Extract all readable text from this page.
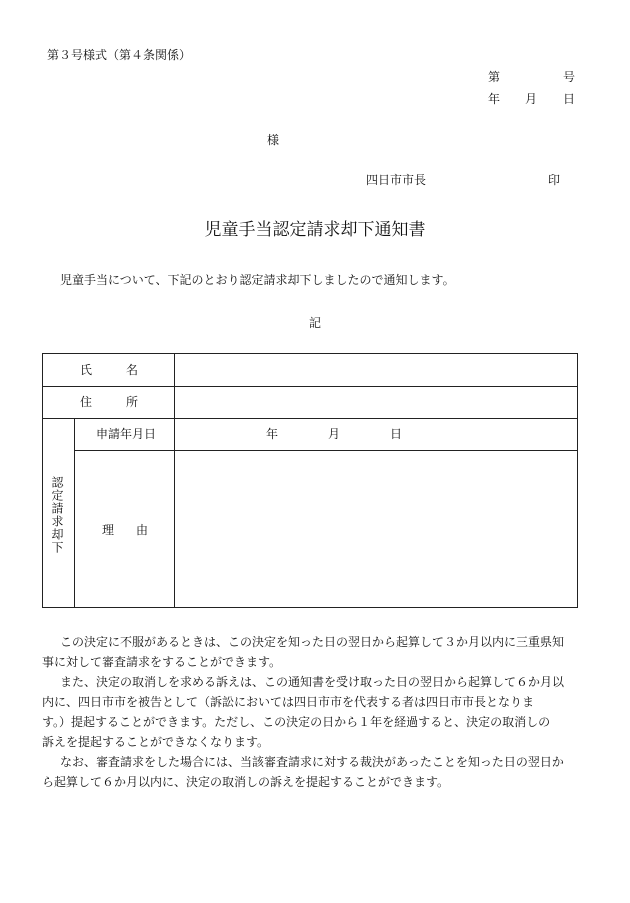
第３号様式（第４条関係）
第	号
年 月 日
様
四日市市長	印
児童手当認定請求却下通知書
児童手当について、下記のとおり認定請求却下しましたので通知します。
記
氏	名
住	所
認定請求却下
申請年月日	年	月	日
理 由
この決定に不服があるときは、この決定を知った日の翌日から起算して３か月以内に三重県知
事に対して審査請求をすることができます。
また、決定の取消しを求める訴えは、この通知書を受け取った日の翌日から起算して６か月以
内に、四日市市を被告として（訴訟においては四日市市を代表する者は四日市市長となりま
す。）提起することができます。ただし、この決定の日から１年を経過すると、決定の取消しの
訴えを提起することができなくなります。
なお、審査請求をした場合には、当該審査請求に対する裁決があったことを知った日の翌日か
ら起算して６か月以内に、決定の取消しの訴えを提起することができます。
